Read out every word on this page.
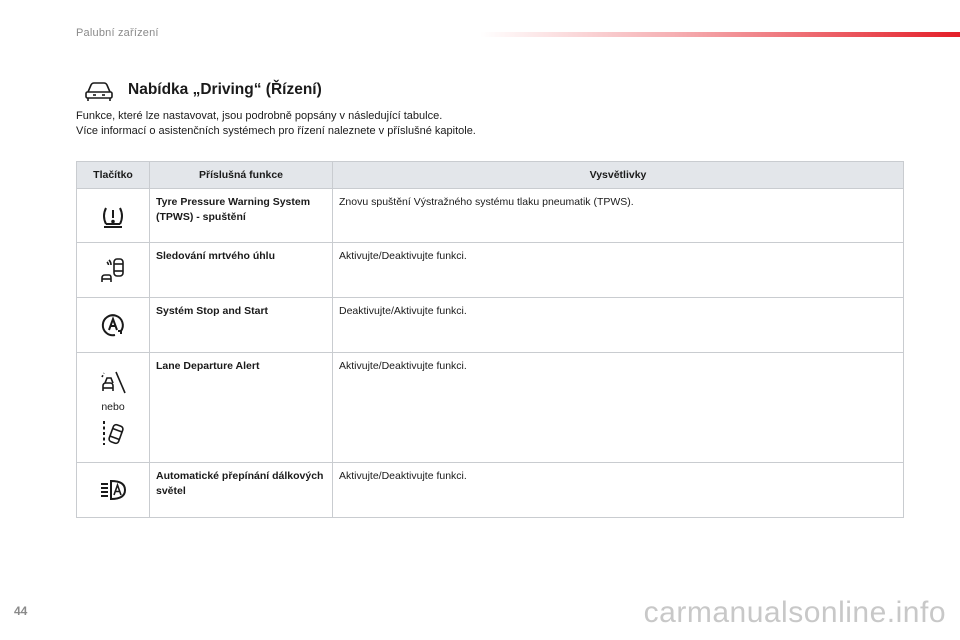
Palubní zařízení
Nabídka „Driving“ (Řízení)
Funkce, které lze nastavovat, jsou podrobně popsány v následující tabulce.
Více informací o asistenčních systémech pro řízení naleznete v příslušné kapitole.
Tlačítko	Příslušná funkce	Vysvětlivky

	Tyre Pressure Warning System (TPWS) - spuštění	Znovu spuštění Výstražného systému tlaku pneumatik (TPWS).

	Sledování mrtvého úhlu	Aktivujte/Deaktivujte funkci.

	Systém Stop and Start	Deaktivujte/Aktivujte funkci.

nebo	Lane Departure Alert	Aktivujte/Deaktivujte funkci.

	Automatické přepínání dálkových světel	Aktivujte/Deaktivujte funkci.
44	carmanualsonline.info
